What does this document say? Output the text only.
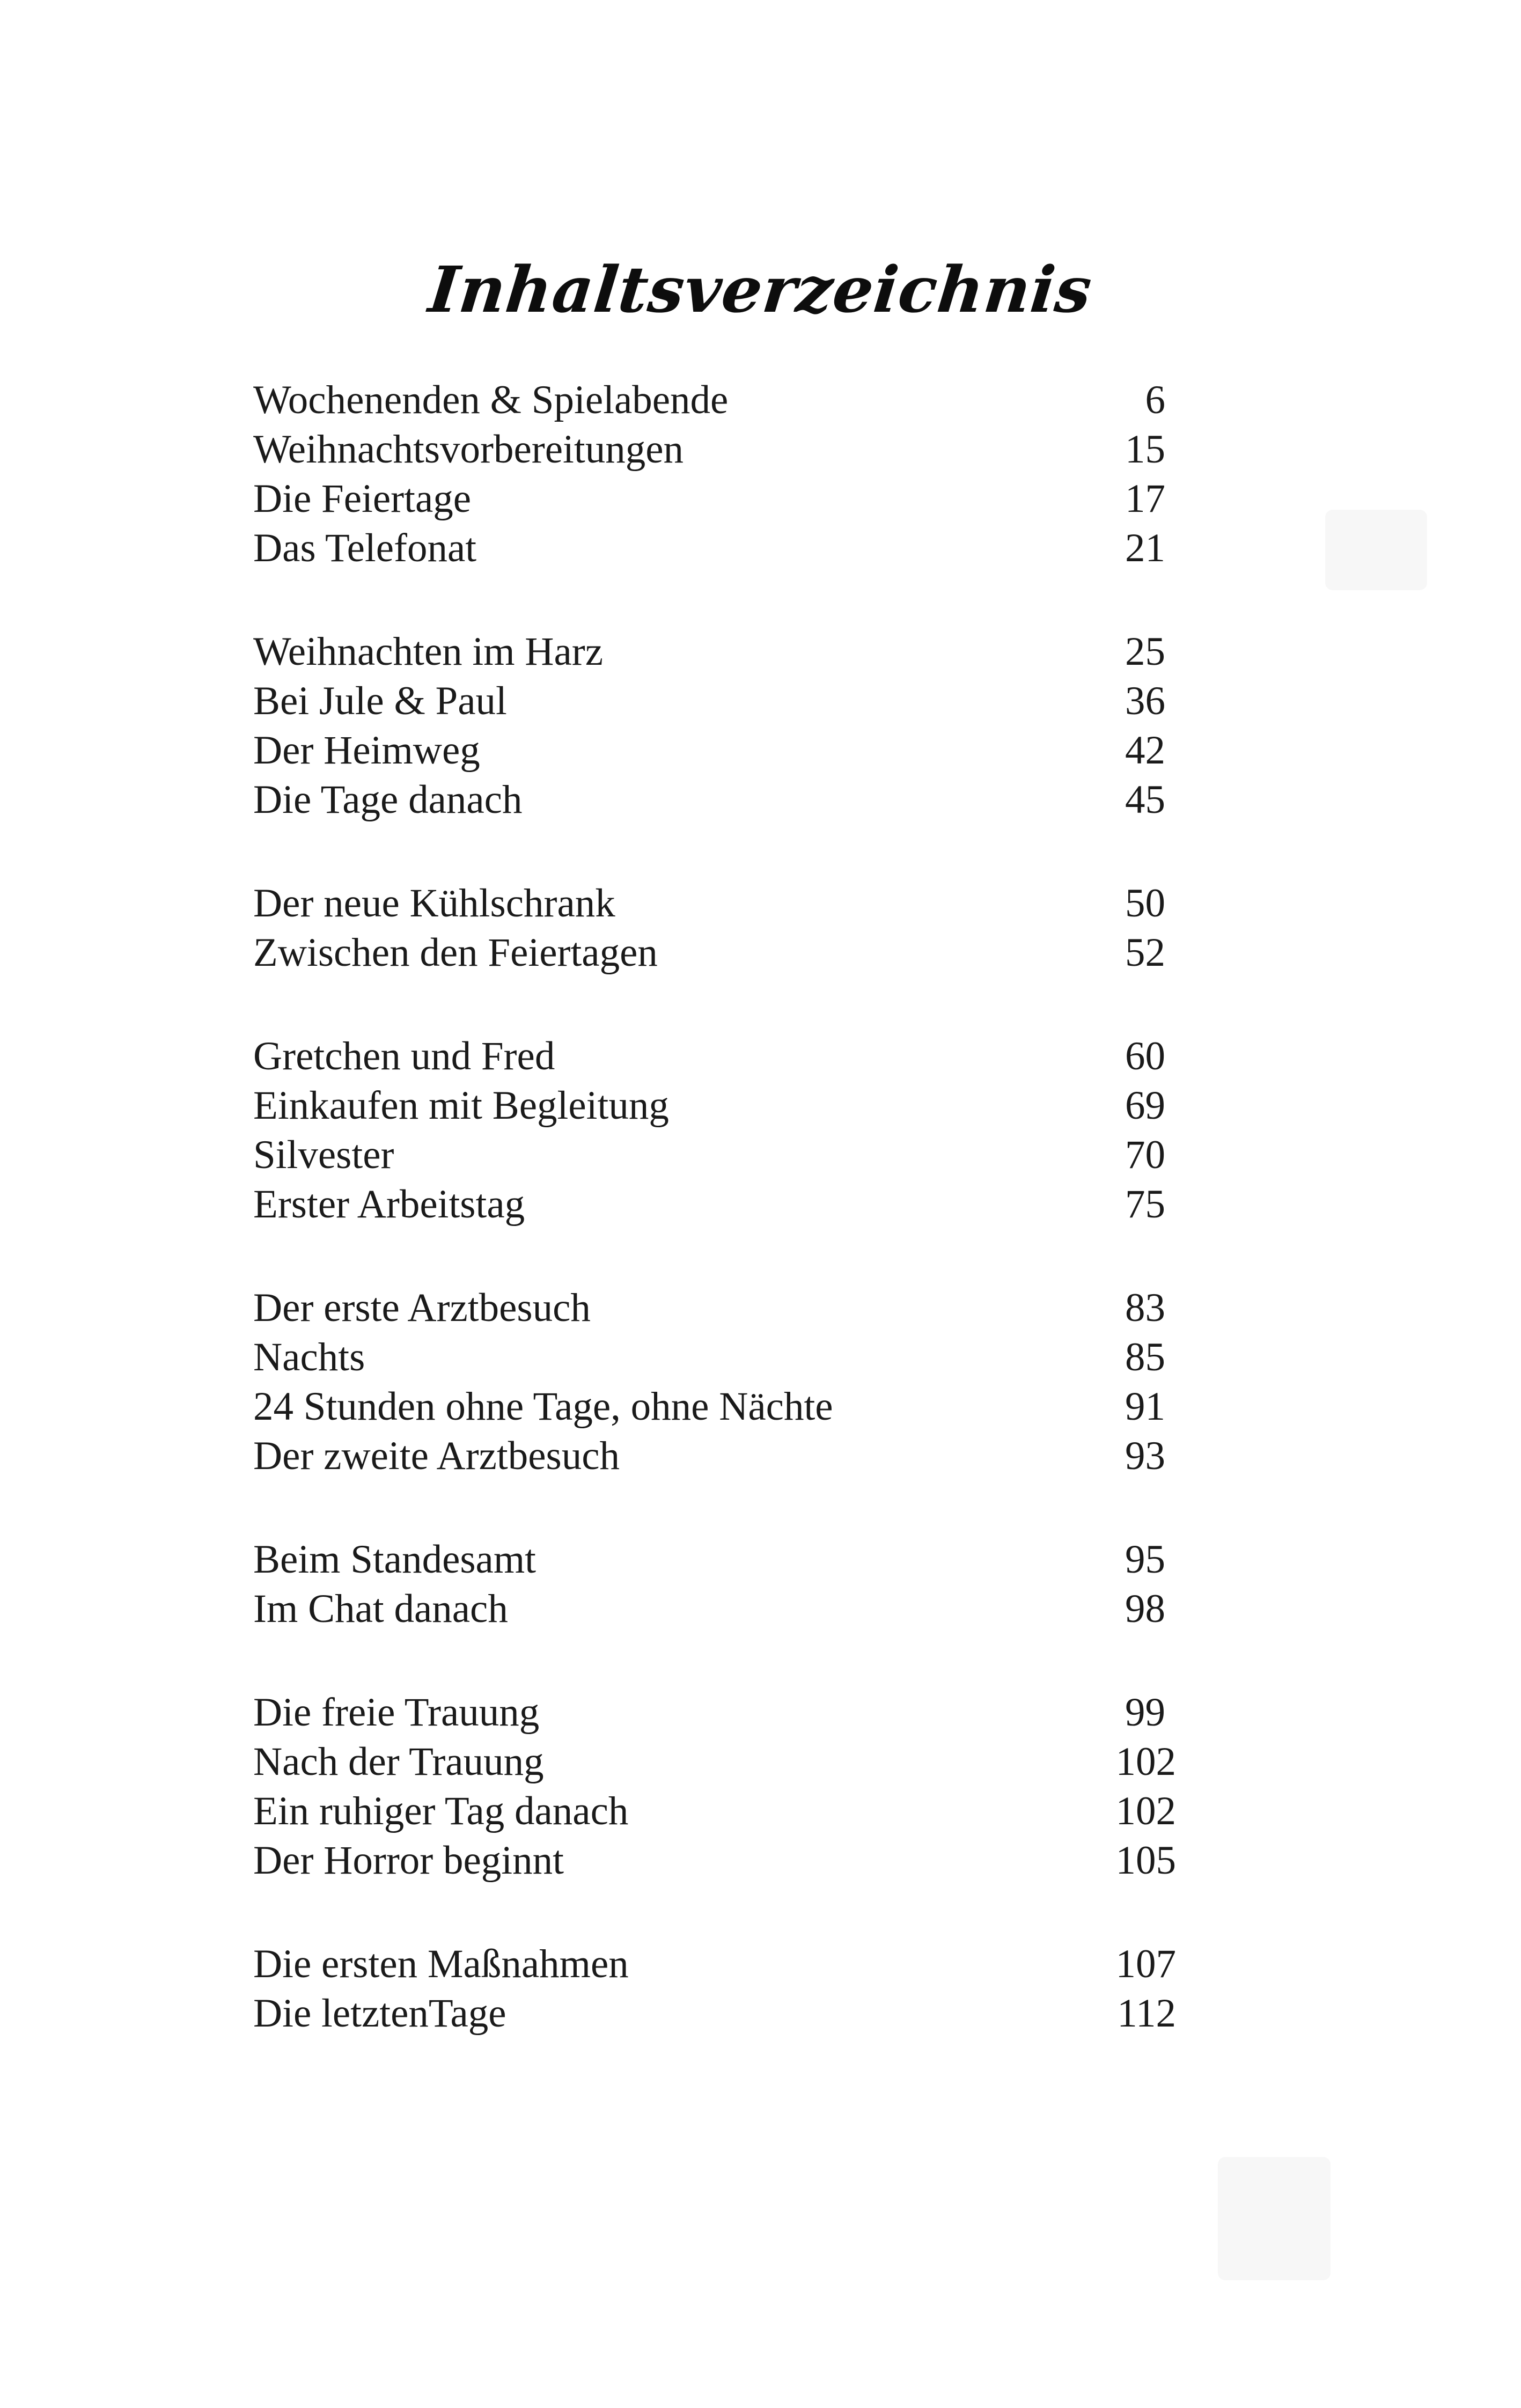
Inhaltsverzeichnis
Wochenenden & Spielabende	6
Weihnachtsvorbereitungen	15
Die Feiertage	17
Das Telefonat	21
Weihnachten im Harz	25
Bei Jule & Paul	36
Der Heimweg	42
Die Tage danach	45
Der neue Kühlschrank	50
Zwischen den Feiertagen	52
Gretchen und Fred	60
Einkaufen mit Begleitung	69
Silvester	70
Erster Arbeitstag	75
Der erste Arztbesuch	83
Nachts	85
24 Stunden ohne Tage, ohne Nächte	91
Der zweite Arztbesuch	93
Beim Standesamt	95
Im Chat danach	98
Die freie Trauung	99
Nach der Trauung	102
Ein ruhiger Tag danach	102
Der Horror beginnt	105
Die ersten Maßnahmen	107
Die letztenTage	112
